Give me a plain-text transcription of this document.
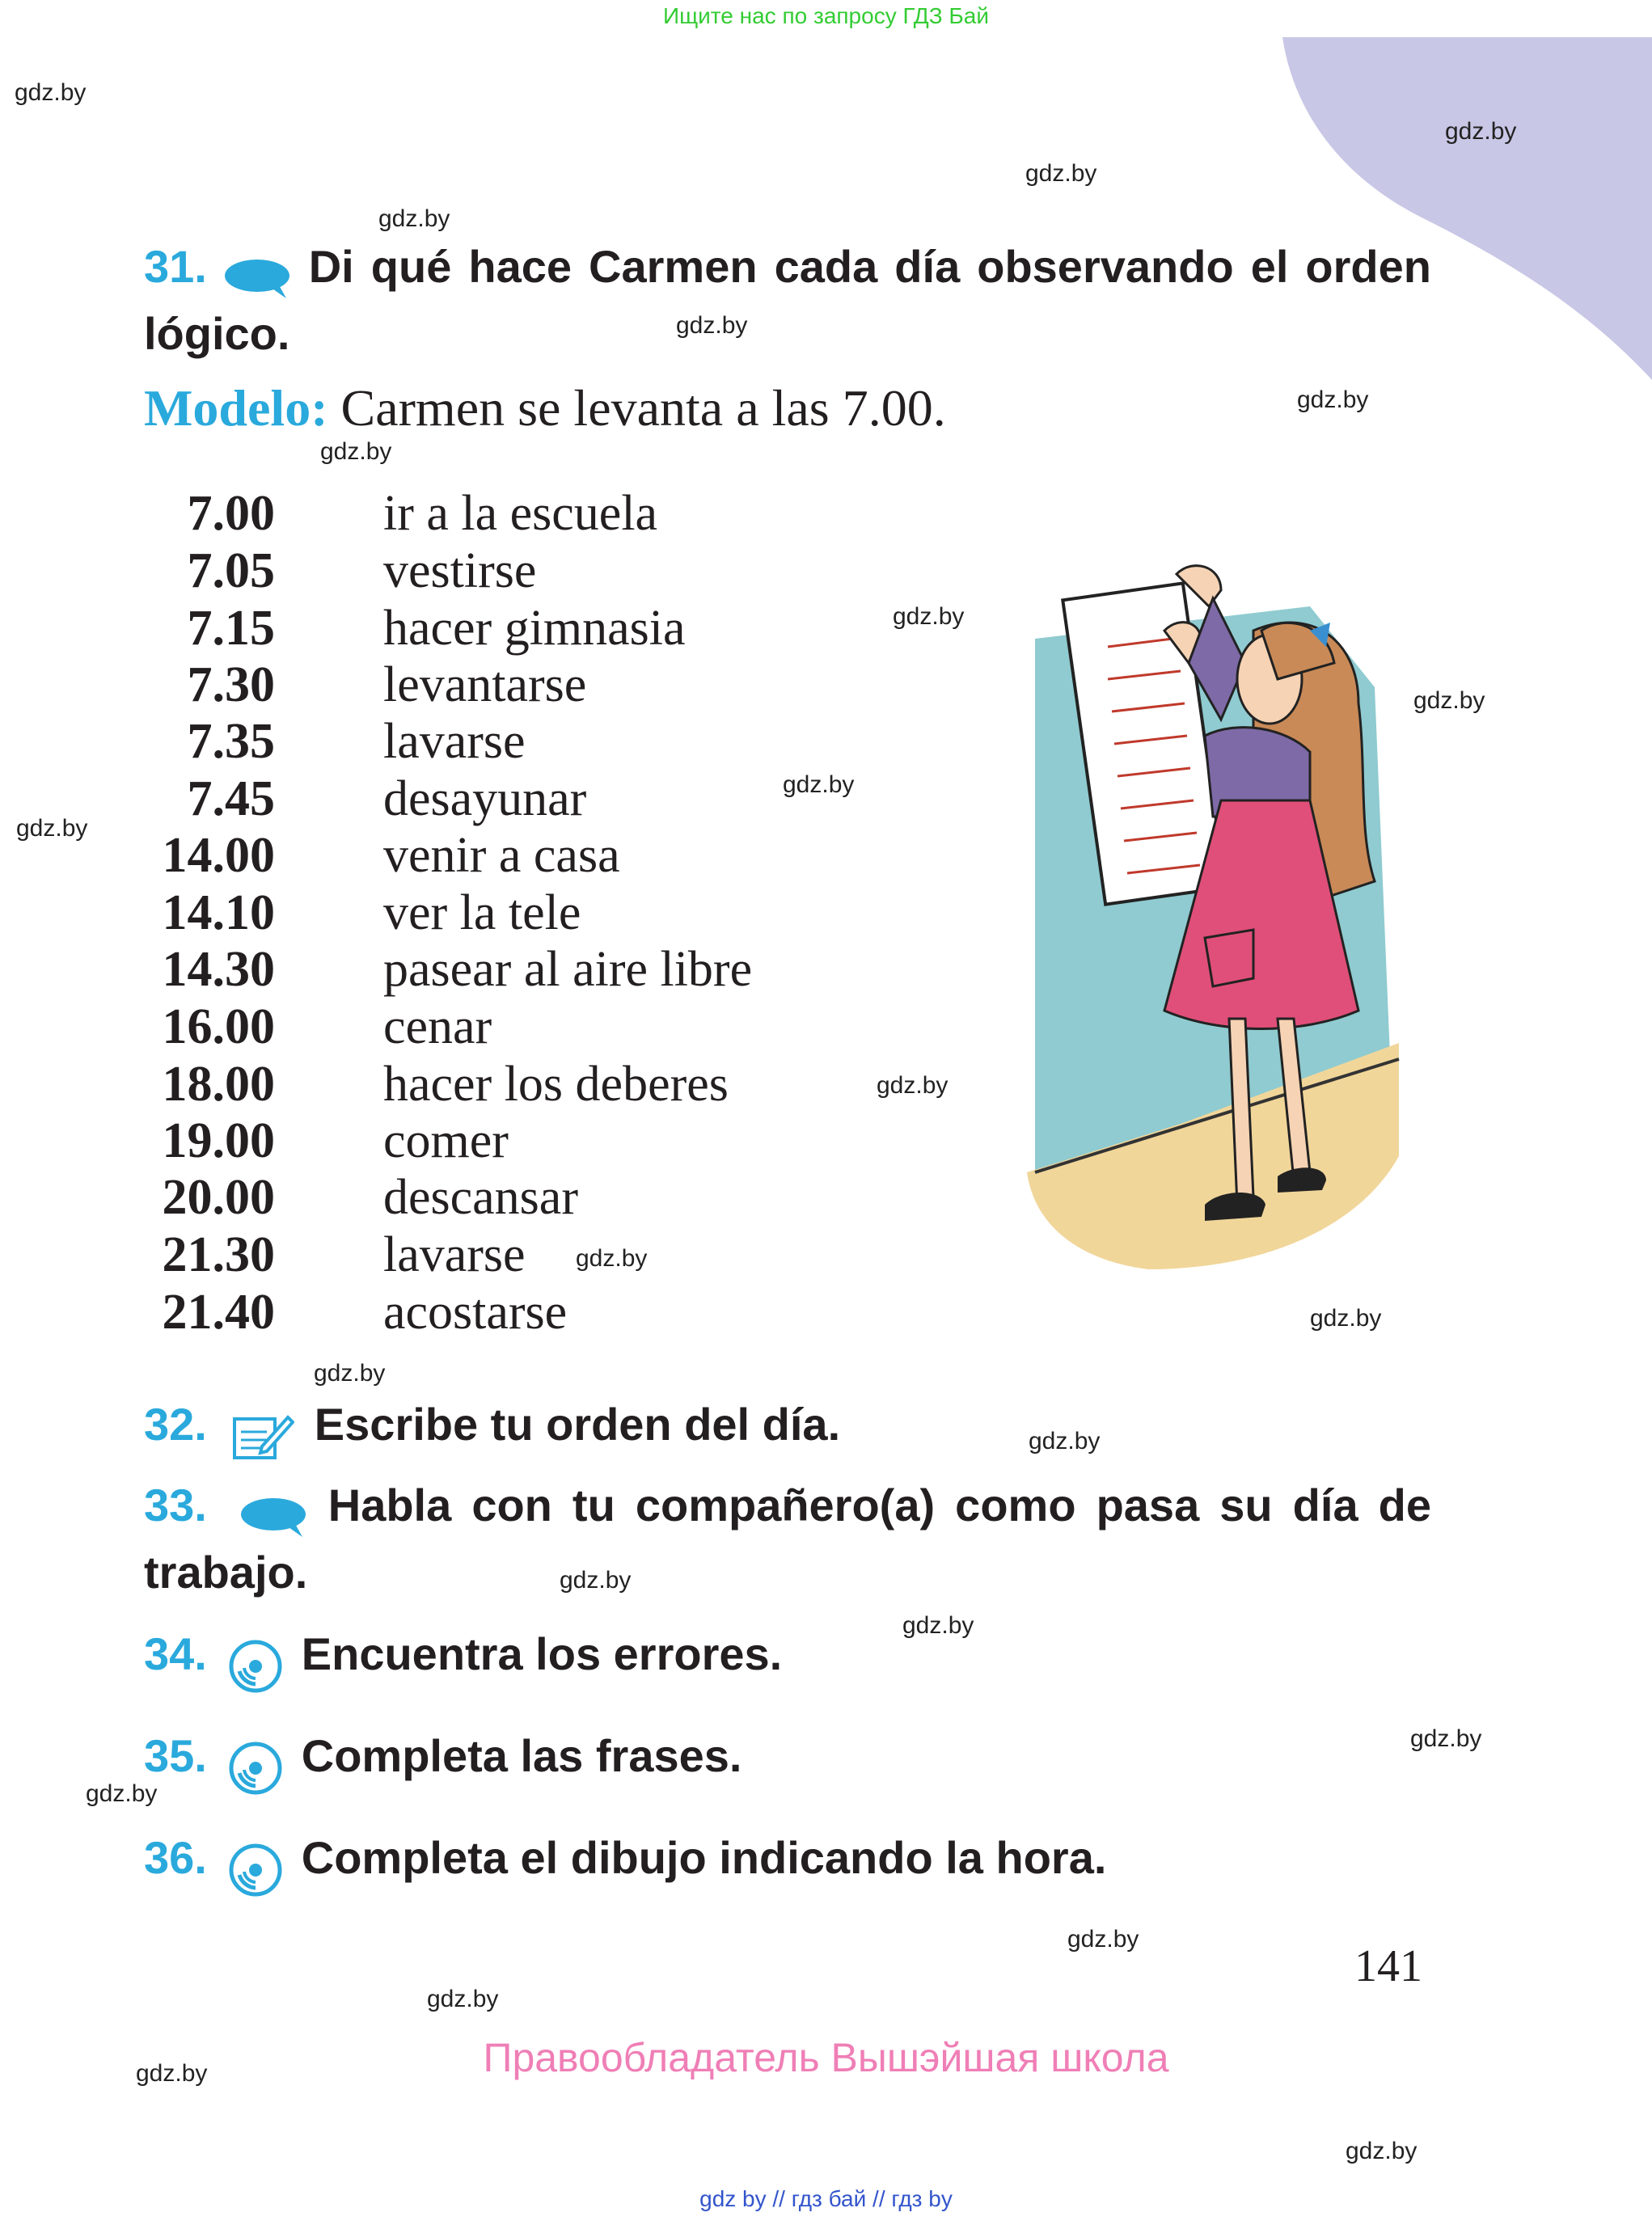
Ищите нас по запросу ГДЗ Бай
gdz.by
gdz.by
gdz.by
gdz.by
gdz.by
gdz.by
gdz.by
gdz.by
gdz.by
gdz.by
gdz.by
gdz.by
gdz.by
gdz.by
gdz.by
gdz.by
gdz.by
gdz.by
gdz.by
gdz.by
gdz.by
gdz.by
gdz.by
gdz.by
31. Di qué hace Carmen cada día observando el orden lógico.
Modelo: Carmen se levanta a las 7.00.
7.00 ir a la escuela
7.05 vestirse
7.15 hacer gimnasia
7.30 levantarse
7.35 lavarse
7.45 desayunar
14.00 venir a casa
14.10 ver la tele
14.30 pasear al aire libre
16.00 cenar
18.00 hacer los deberes
19.00 comer
20.00 descansar
21.30 lavarse
21.40 acostarse
32. Escribe tu orden del día.
33.	Habla con tu compañero(a) como pasa su día de trabajo.
34. Encuentra los errores.
35. Completa las frases.
36. Completa el dibujo indicando la hora.
141
Правообладатель Вышэйшая школа
gdz by // гдз бай // гдз by
